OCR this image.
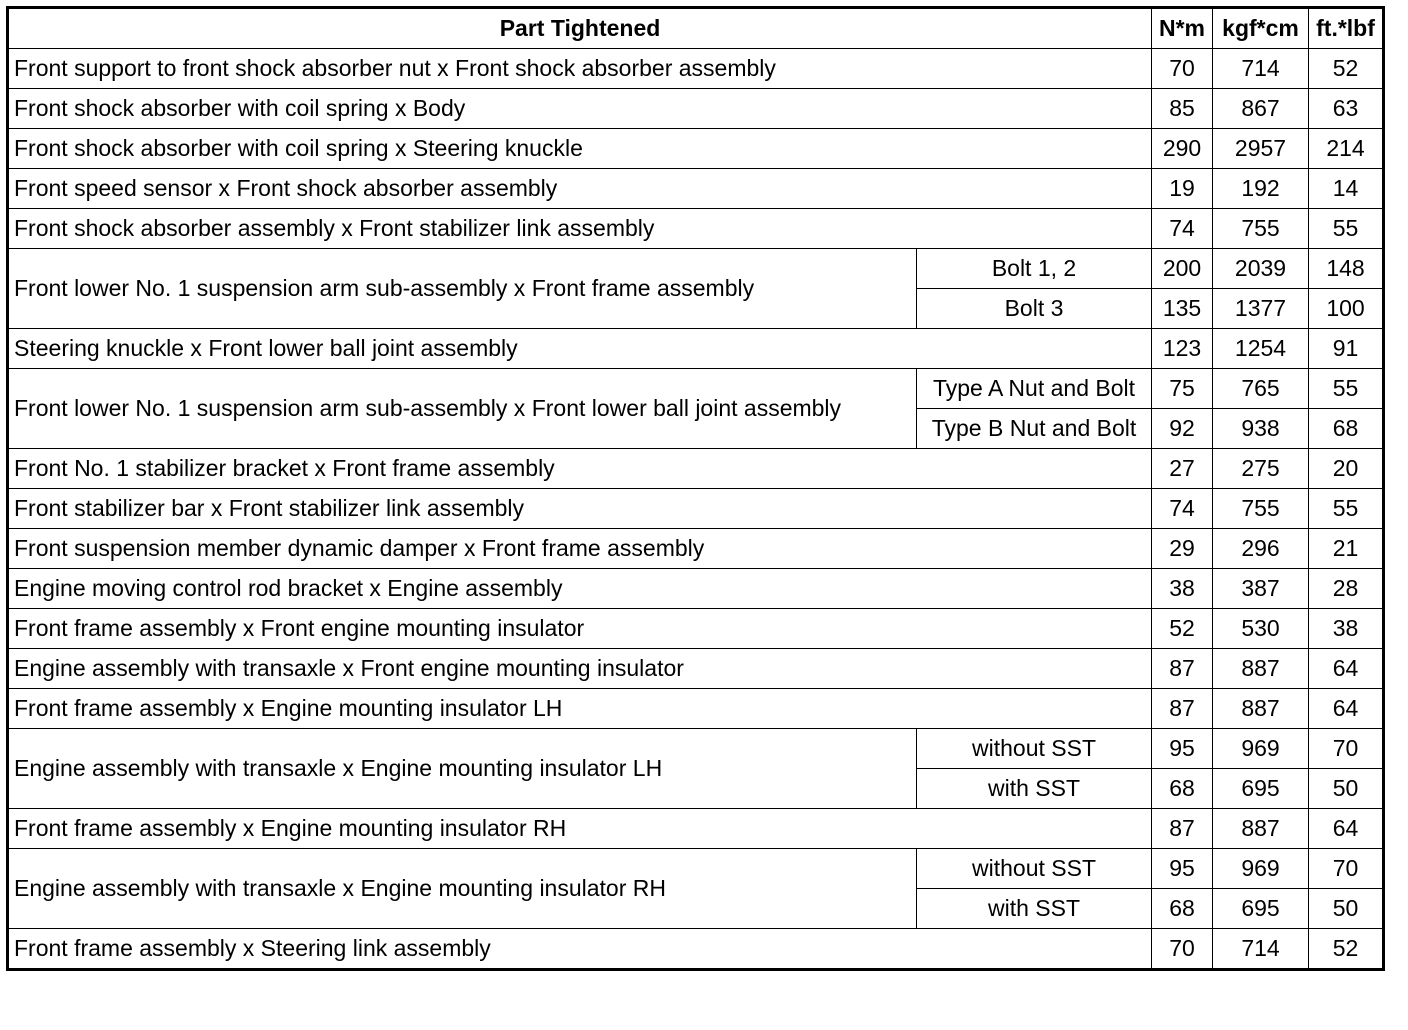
Part Tightened		N*m	kgf*cm	ft.*lbf
Front support to front shock absorber nut x Front shock absorber assembly		70	714	52
Front shock absorber with coil spring x Body		85	867	63
Front shock absorber with coil spring x Steering knuckle		290	2957	214
Front speed sensor x Front shock absorber assembly		19	192	14
Front shock absorber assembly x Front stabilizer link assembly		74	755	55
Front lower No. 1 suspension arm sub-assembly x Front frame assembly	Bolt 1, 2	200	2039	148
	Bolt 3	135	1377	100
Steering knuckle x Front lower ball joint assembly		123	1254	91
Front lower No. 1 suspension arm sub-assembly x Front lower ball joint assembly	Type A Nut and Bolt	75	765	55
	Type B Nut and Bolt	92	938	68
Front No. 1 stabilizer bracket x Front frame assembly		27	275	20
Front stabilizer bar x Front stabilizer link assembly		74	755	55
Front suspension member dynamic damper x Front frame assembly		29	296	21
Engine moving control rod bracket x Engine assembly		38	387	28
Front frame assembly x Front engine mounting insulator		52	530	38
Engine assembly with transaxle x Front engine mounting insulator		87	887	64
Front frame assembly x Engine mounting insulator LH		87	887	64
Engine assembly with transaxle x Engine mounting insulator LH	without SST	95	969	70
	with SST	68	695	50
Front frame assembly x Engine mounting insulator RH		87	887	64
Engine assembly with transaxle x Engine mounting insulator RH	without SST	95	969	70
	with SST	68	695	50
Front frame assembly x Steering link assembly		70	714	52
